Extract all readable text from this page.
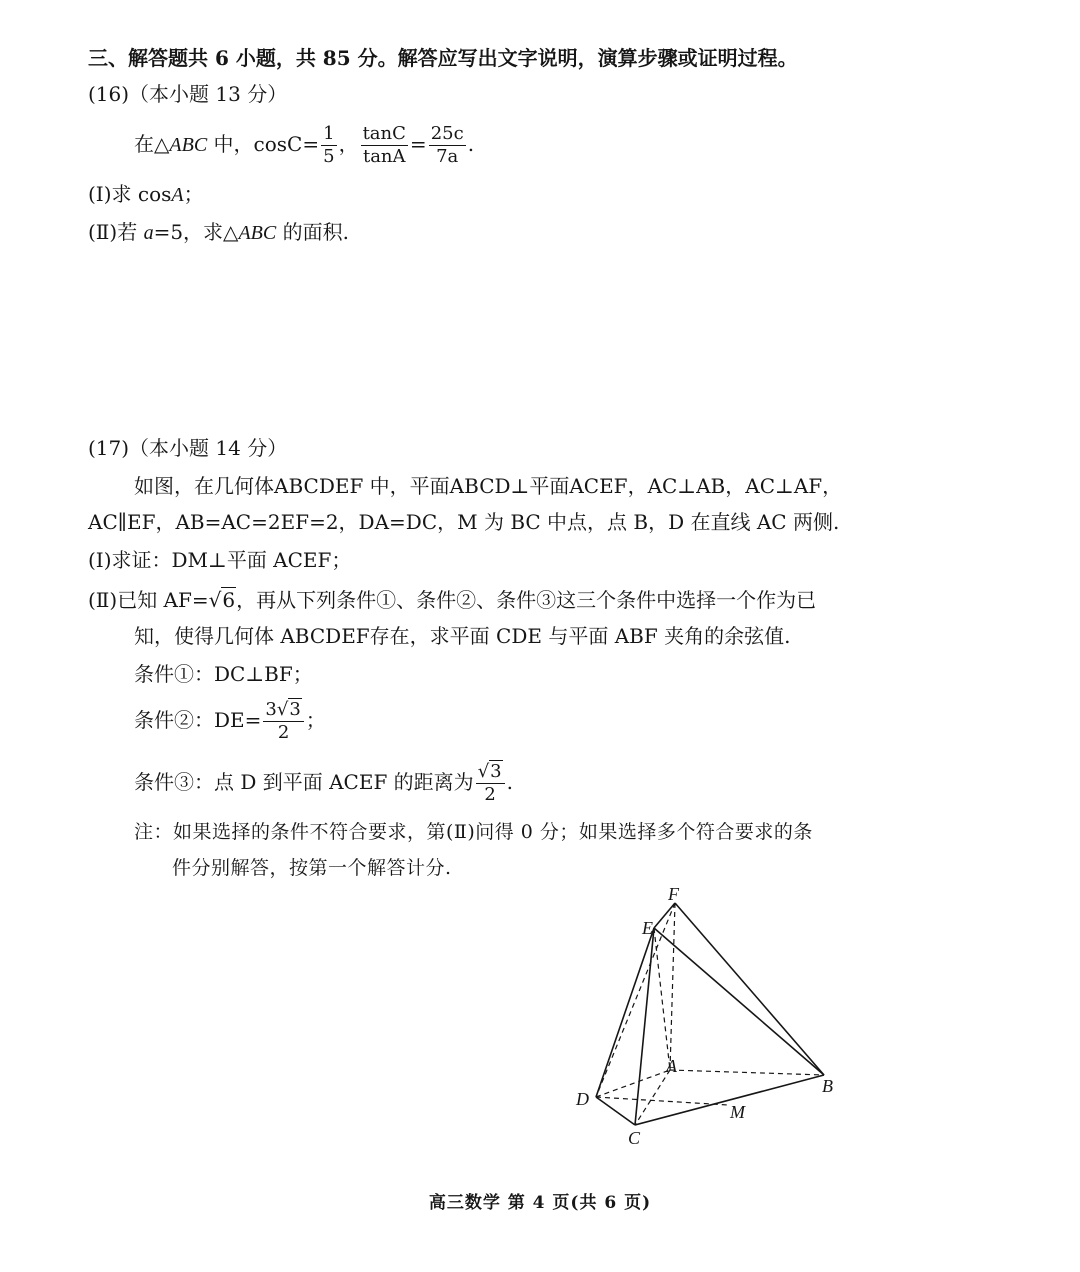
三、解答题共 6 小题，共 85 分。解答应写出文字说明，演算步骤或证明过程。
(16)（本小题 13 分）
在△ABC 中，$\cos C= \frac{1}{5}$ ， $\frac{\tan C}{\tan A} = \frac{25c}{7a}$ .
(Ⅰ)求 cosA；
(Ⅱ)若 a=5，求△ABC 的面积.
(17)（本小题 14 分）
如图，在几何体ABCDEF 中，平面ABCD⊥平面ACEF，AC⊥AB，AC⊥AF，
AC∥EF，AB=AC=2EF=2，DA=DC，M 为 BC 中点，点 B，D 在直线 AC 两侧.
(Ⅰ)求证：DM⊥平面 ACEF；
(Ⅱ)已知 AF=√6，再从下列条件①、条件②、条件③这三个条件中选择一个作为已
知，使得几何体 ABCDEF存在，求平面 CDE 与平面 ABF 夹角的余弦值.
条件①：DC⊥BF；
条件②：$DE= \frac{3√3}{2}$ ；
条件③：点 D 到平面 ACEF 的距离为 $\frac{√3}{2}$ .
注：如果选择的条件不符合要求，第(Ⅱ)问得 0 分；如果选择多个符合要求的条
件分别解答，按第一个解答计分.
F
E
A
D
C
M
B
高三数学 第 4 页(共 6 页)
